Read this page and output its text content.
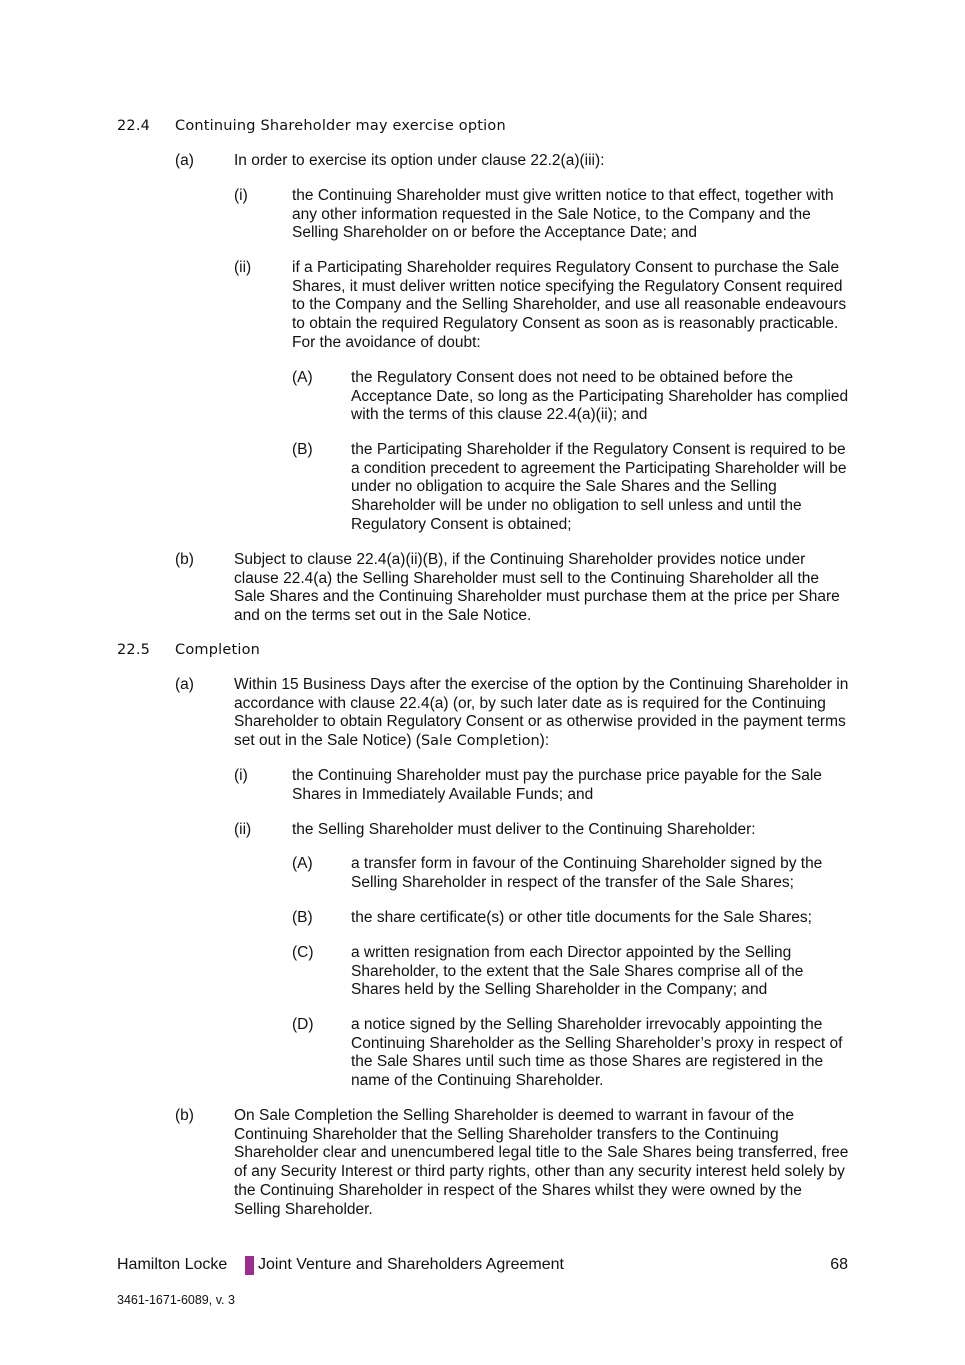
22.4 Continuing Shareholder may exercise option
(a)	In order to exercise its option under clause 22.2(a)(iii):
(i)	the Continuing Shareholder must give written notice to that effect, together with any other information requested in the Sale Notice, to the Company and the Selling Shareholder on or before the Acceptance Date; and
(ii)	if a Participating Shareholder requires Regulatory Consent to purchase the Sale Shares, it must deliver written notice specifying the Regulatory Consent required to the Company and the Selling Shareholder, and use all reasonable endeavours to obtain the required Regulatory Consent as soon as is reasonably practicable. For the avoidance of doubt:
(A) the Regulatory Consent does not need to be obtained before the Acceptance Date, so long as the Participating Shareholder has complied with the terms of this clause 22.4(a)(ii); and
(B) the Participating Shareholder if the Regulatory Consent is required to be a condition precedent to agreement the Participating Shareholder will be under no obligation to acquire the Sale Shares and the Selling Shareholder will be under no obligation to sell unless and until the Regulatory Consent is obtained;
(b)	Subject to clause 22.4(a)(ii)(B), if the Continuing Shareholder provides notice under clause 22.4(a) the Selling Shareholder must sell to the Continuing Shareholder all the Sale Shares and the Continuing Shareholder must purchase them at the price per Share and on the terms set out in the Sale Notice.
22.5 Completion
(a)	Within 15 Business Days after the exercise of the option by the Continuing Shareholder in accordance with clause 22.4(a) (or, by such later date as is required for the Continuing Shareholder to obtain Regulatory Consent or as otherwise provided in the payment terms set out in the Sale Notice) (Sale Completion):
(i)	the Continuing Shareholder must pay the purchase price payable for the Sale Shares in Immediately Available Funds; and
(ii)	the Selling Shareholder must deliver to the Continuing Shareholder:
(A) a transfer form in favour of the Continuing Shareholder signed by the Selling Shareholder in respect of the transfer of the Sale Shares;
(B) the share certificate(s) or other title documents for the Sale Shares;
(C) a written resignation from each Director appointed by the Selling Shareholder, to the extent that the Sale Shares comprise all of the Shares held by the Selling Shareholder in the Company; and
(D) a notice signed by the Selling Shareholder irrevocably appointing the Continuing Shareholder as the Selling Shareholder’s proxy in respect of the Sale Shares until such time as those Shares are registered in the name of the Continuing Shareholder.
(b)	On Sale Completion the Selling Shareholder is deemed to warrant in favour of the Continuing Shareholder that the Selling Shareholder transfers to the Continuing Shareholder clear and unencumbered legal title to the Sale Shares being transferred, free of any Security Interest or third party rights, other than any security interest held solely by the Continuing Shareholder in respect of the Shares whilst they were owned by the Selling Shareholder.
Hamilton Locke Joint Venture and Shareholders Agreement	68
3461-1671-6089, v. 3
